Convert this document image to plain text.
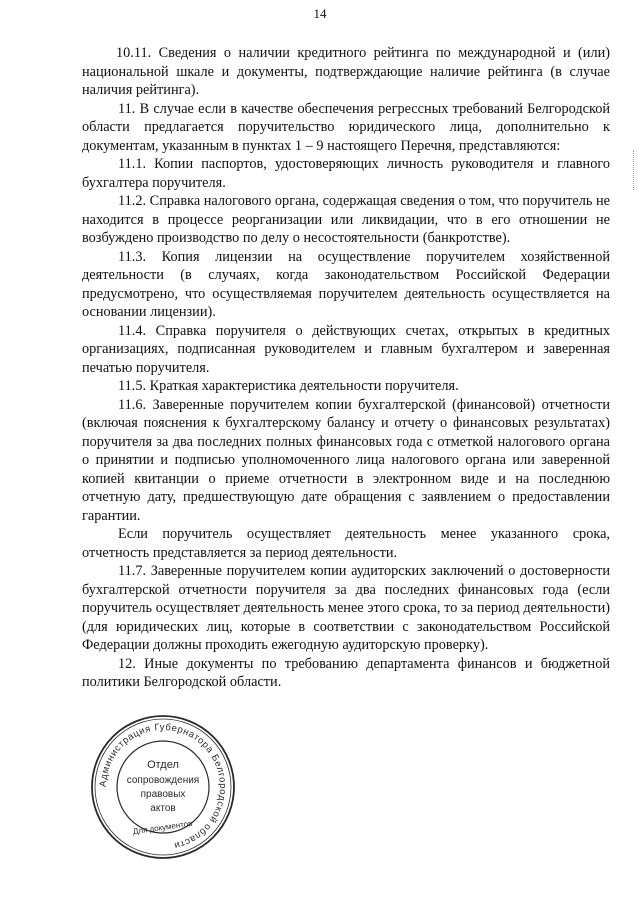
14

10.11. Сведения о наличии кредитного рейтинга по международной и (или) национальной шкале и документы, подтверждающие наличие рейтинга (в случае наличия рейтинга).

11. В случае если в качестве обеспечения регрессных требований Белгородской области предлагается поручительство юридического лица, дополнительно к документам, указанным в пунктах 1 – 9 настоящего Перечня, представляются:

11.1. Копии паспортов, удостоверяющих личность руководителя и главного бухгалтера поручителя.

11.2. Справка налогового органа, содержащая сведения о том, что поручитель не находится в процессе реорганизации или ликвидации, что в его отношении не возбуждено производство по делу о несостоятельности (банкротстве).

11.3. Копия лицензии на осуществление поручителем хозяйственной деятельности (в случаях, когда законодательством Российской Федерации предусмотрено, что осуществляемая поручителем деятельность осуществляется на основании лицензии).

11.4. Справка поручителя о действующих счетах, открытых в кредитных организациях, подписанная руководителем и главным бухгалтером и заверенная печатью поручителя.

11.5. Краткая характеристика деятельности поручителя.

11.6. Заверенные поручителем копии бухгалтерской (финансовой) отчетности (включая пояснения к бухгалтерскому балансу и отчету о финансовых результатах) поручителя за два последних полных финансовых года с отметкой налогового органа о принятии и подписью уполномоченного лица налогового органа или заверенной копией квитанции о приеме отчетности в электронном виде и на последнюю отчетную дату, предшествующую дате обращения с заявлением о предоставлении гарантии.

Если поручитель осуществляет деятельность менее указанного срока, отчетность представляется за период деятельности.

11.7. Заверенные поручителем копии аудиторских заключений о достоверности бухгалтерской отчетности поручителя за два последних финансовых года (если поручитель осуществляет деятельность менее этого срока, то за период деятельности) (для юридических лиц, которые в соответствии с законодательством Российской Федерации должны проходить ежегодную аудиторскую проверку).

12. Иные документы по требованию департамента финансов и бюджетной политики Белгородской области.

Администрация Губернатора Белгородской области
Отдел
сопровождения
правовых
актов
Для документов
